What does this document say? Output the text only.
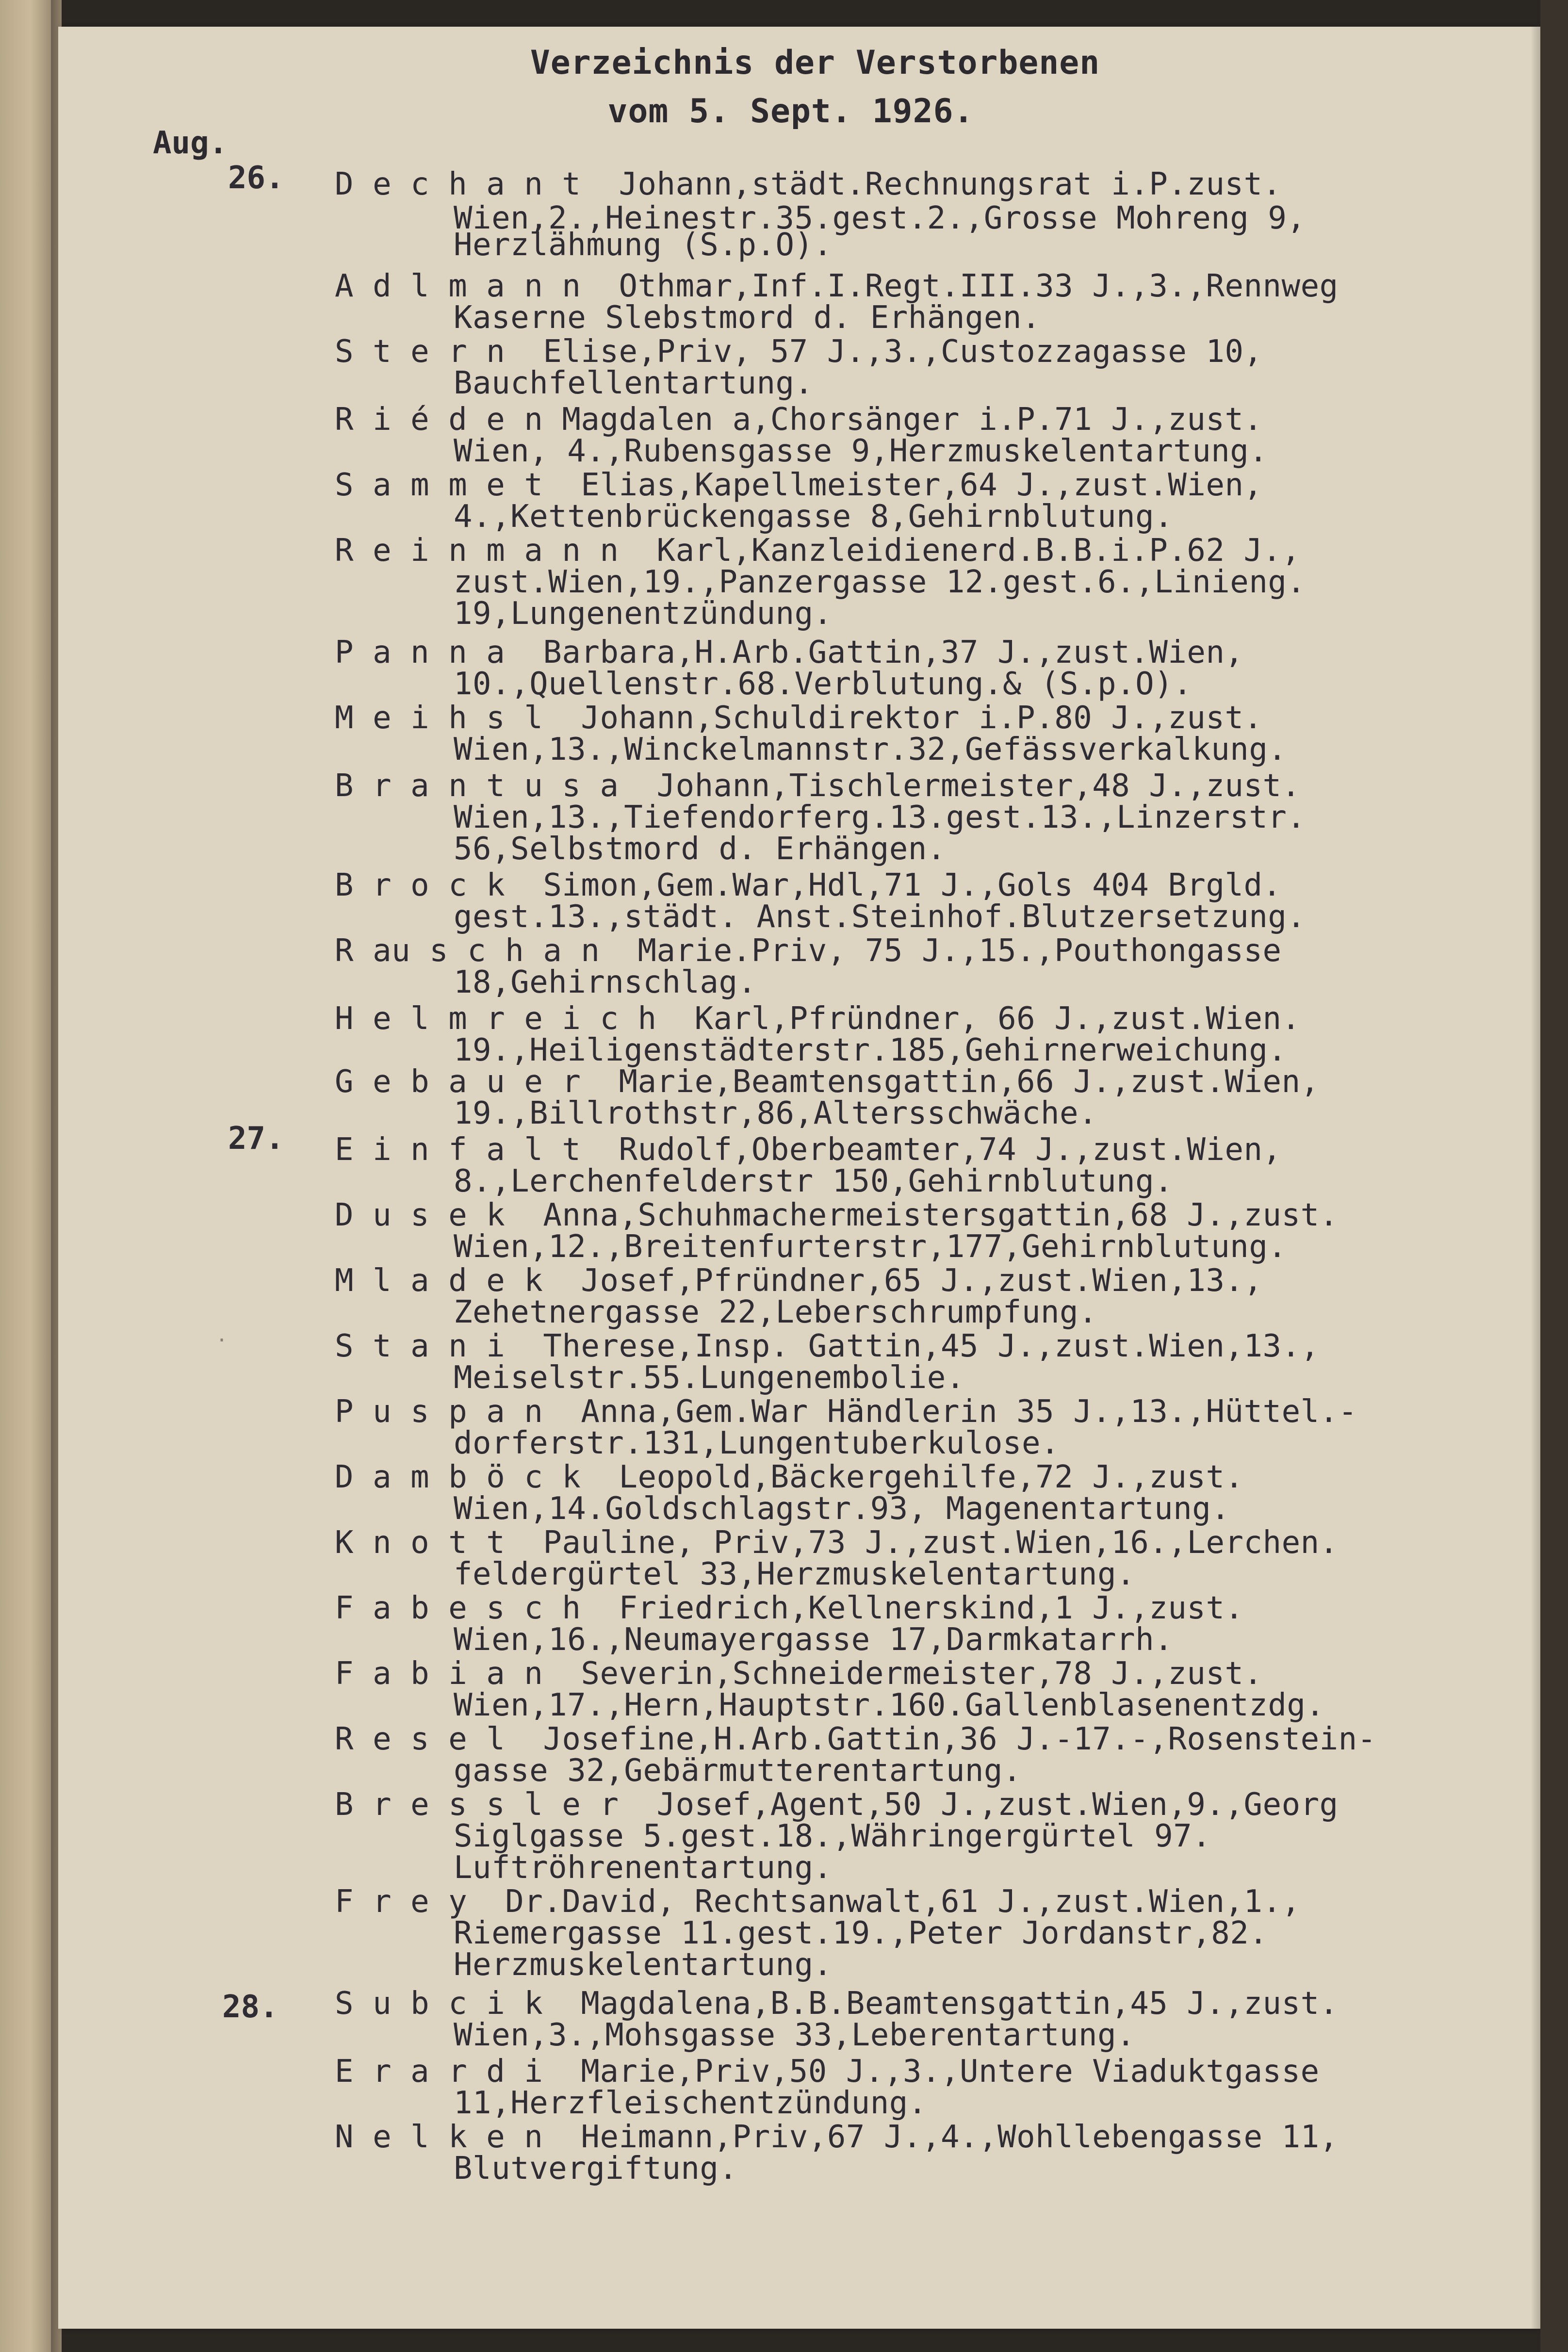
Verzeichnis der Verstorbenen
vom 5. Sept. 1926.
Aug.
26.
27.
28.
·
D e c h a n t  Johann,städt.Rechnungsrat i.P.zust.
Wien,2.,Heinestr.35.gest.2.,Grosse Mohreng 9,
Herzlähmung (S.p.O).
A d l m a n n  Othmar,Inf.I.Regt.III.33 J.,3.,Rennweg
Kaserne Slebstmord d. Erhängen.
S t e r n  Elise,Priv, 57 J.,3.,Custozzagasse 10,
Bauchfellentartung.
R i é d e n Magdalen a,Chorsänger i.P.71 J.,zust.
Wien, 4.,Rubensgasse 9,Herzmuskelentartung.
S a m m e t  Elias,Kapellmeister,64 J.,zust.Wien,
4.,Kettenbrückengasse 8,Gehirnblutung.
R e i n m a n n  Karl,Kanzleidienerd.B.B.i.P.62 J.,
zust.Wien,19.,Panzergasse 12.gest.6.,Linieng.
19,Lungenentzündung.
P a n n a  Barbara,H.Arb.Gattin,37 J.,zust.Wien,
10.,Quellenstr.68.Verblutung.& (S.p.O).
M e i h s l  Johann,Schuldirektor i.P.80 J.,zust.
Wien,13.,Winckelmannstr.32,Gefässverkalkung.
B r a n t u s a  Johann,Tischlermeister,48 J.,zust.
Wien,13.,Tiefendorferg.13.gest.13.,Linzerstr.
56,Selbstmord d. Erhängen.
B r o c k  Simon,Gem.War,Hdl,71 J.,Gols 404 Brgld.
gest.13.,städt. Anst.Steinhof.Blutzersetzung.
R au s c h a n  Marie.Priv, 75 J.,15.,Pouthongasse
18,Gehirnschlag.
H e l m r e i c h  Karl,Pfründner, 66 J.,zust.Wien.
19.,Heiligenstädterstr.185,Gehirnerweichung.
G e b a u e r  Marie,Beamtensgattin,66 J.,zust.Wien,
19.,Billrothstr,86,Altersschwäche.
E i n f a l t  Rudolf,Oberbeamter,74 J.,zust.Wien,
8.,Lerchenfelderstr 150,Gehirnblutung.
D u s e k  Anna,Schuhmachermeistersgattin,68 J.,zust.
Wien,12.,Breitenfurterstr,177,Gehirnblutung.
M l a d e k  Josef,Pfründner,65 J.,zust.Wien,13.,
Zehetnergasse 22,Leberschrumpfung.
S t a n i  Therese,Insp. Gattin,45 J.,zust.Wien,13.,
Meiselstr.55.Lungenembolie.
P u s p a n  Anna,Gem.War Händlerin 35 J.,13.,Hüttel.-
dorferstr.131,Lungentuberkulose.
D a m b ö c k  Leopold,Bäckergehilfe,72 J.,zust.
Wien,14.Goldschlagstr.93, Magenentartung.
K n o t t  Pauline, Priv,73 J.,zust.Wien,16.,Lerchen.
feldergürtel 33,Herzmuskelentartung.
F a b e s c h  Friedrich,Kellnerskind,1 J.,zust.
Wien,16.,Neumayergasse 17,Darmkatarrh.
F a b i a n  Severin,Schneidermeister,78 J.,zust.
Wien,17.,Hern,Hauptstr.160.Gallenblasenentzdg.
R e s e l  Josefine,H.Arb.Gattin,36 J.-17.-,Rosenstein-
gasse 32,Gebärmutterentartung.
B r e s s l e r  Josef,Agent,50 J.,zust.Wien,9.,Georg
Siglgasse 5.gest.18.,Währingergürtel 97.
Luftröhrenentartung.
F r e y  Dr.David, Rechtsanwalt,61 J.,zust.Wien,1.,
Riemergasse 11.gest.19.,Peter Jordanstr,82.
Herzmuskelentartung.
S u b c i k  Magdalena,B.B.Beamtensgattin,45 J.,zust.
Wien,3.,Mohsgasse 33,Leberentartung.
E r a r d i  Marie,Priv,50 J.,3.,Untere Viaduktgasse
11,Herzfleischentzündung.
N e l k e n  Heimann,Priv,67 J.,4.,Wohllebengasse 11,
Blutvergiftung.
